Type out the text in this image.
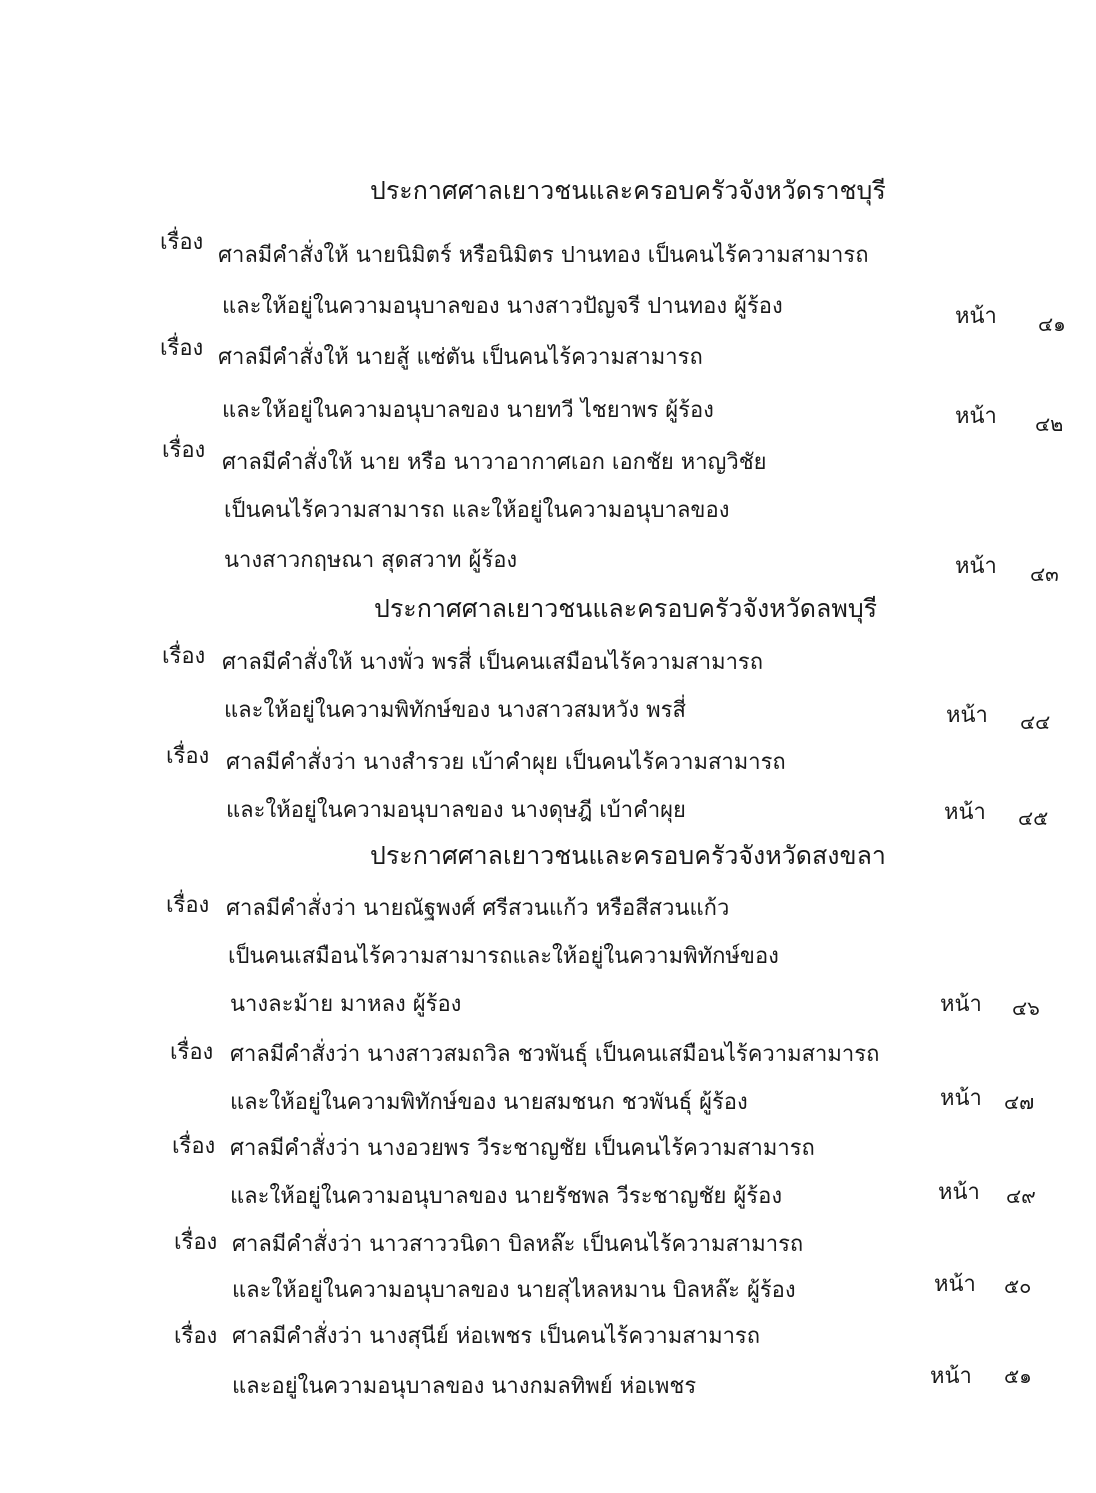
ประกาศศาลเยาวชนและครอบครัวจังหวัดราชบุรี
เรื่อง
ศาลมีคำสั่งให้ นายนิมิตร์ หรือนิมิตร ปานทอง เป็นคนไร้ความสามารถ
และให้อยู่ในความอนุบาลของ นางสาวปัญจรี ปานทอง ผู้ร้อง	หน้า ๔๑
เรื่อง ศาลมีคำสั่งให้ นายสู้ แซ่ตัน เป็นคนไร้ความสามารถ
และให้อยู่ในความอนุบาลของ นายทวี ไชยาพร ผู้ร้อง	หน้า ๔๒
เรื่อง ศาลมีคำสั่งให้ นาย หรือ นาวาอากาศเอก เอกชัย หาญวิชัย
เป็นคนไร้ความสามารถ และให้อยู่ในความอนุบาลของ
นางสาวกฤษณา สุดสวาท ผู้ร้อง	หน้า ๔๓
ประกาศศาลเยาวชนและครอบครัวจังหวัดลพบุรี
เรื่อง ศาลมีคำสั่งให้ นางพั่ว พรสี่ เป็นคนเสมือนไร้ความสามารถ
และให้อยู่ในความพิทักษ์ของ นางสาวสมหวัง พรสี่	หน้า ๔๔
เรื่อง ศาลมีคำสั่งว่า นางสำรวย เบ้าคำผุย เป็นคนไร้ความสามารถ
และให้อยู่ในความอนุบาลของ นางดุษฎี เบ้าคำผุย	หน้า ๔๕
ประกาศศาลเยาวชนและครอบครัวจังหวัดสงขลา
เรื่อง ศาลมีคำสั่งว่า นายณัฐพงศ์ ศรีสวนแก้ว หรือสีสวนแก้ว
เป็นคนเสมือนไร้ความสามารถและให้อยู่ในความพิทักษ์ของ
นางละม้าย มาหลง ผู้ร้อง	หน้า ๔๖
เรื่อง ศาลมีคำสั่งว่า นางสาวสมถวิล ชวพันธุ์ เป็นคนเสมือนไร้ความสามารถ
และให้อยู่ในความพิทักษ์ของ นายสมชนก ชวพันธุ์ ผู้ร้อง	หน้า ๔๗
เรื่อง ศาลมีคำสั่งว่า นางอวยพร วีระชาญชัย เป็นคนไร้ความสามารถ
และให้อยู่ในความอนุบาลของ นายรัชพล วีระชาญชัย ผู้ร้อง	หน้า ๔๙
เรื่อง ศาลมีคำสั่งว่า นาวสาววนิดา บิลหล๊ะ เป็นคนไร้ความสามารถ
และให้อยู่ในความอนุบาลของ นายสุไหลหมาน บิลหล๊ะ ผู้ร้อง	หน้า ๕๐
เรื่อง ศาลมีคำสั่งว่า นางสุนีย์ ห่อเพชร เป็นคนไร้ความสามารถ
และอยู่ในความอนุบาลของ นางกมลทิพย์ ห่อเพชร	หน้า ๕๑
